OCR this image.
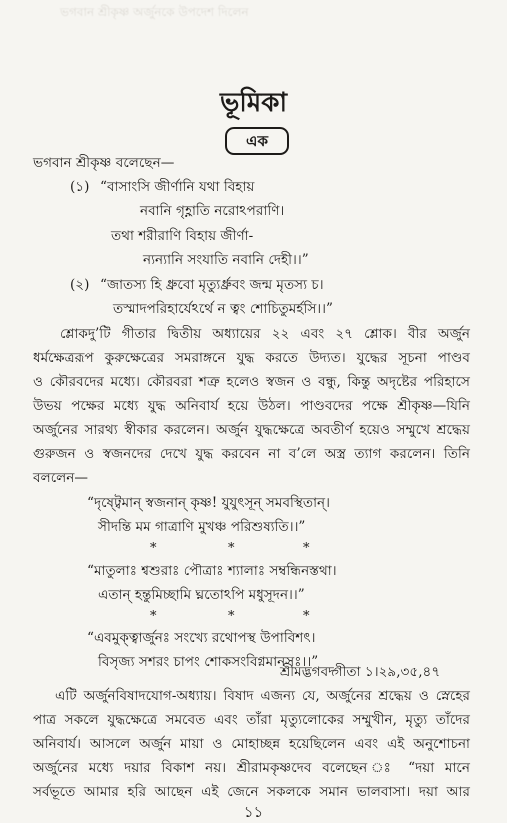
ভগবান শ্রীকৃষ্ণ অর্জুনকে উপদেশ দিলেন
ভূমিকা
এক
ভগবান শ্রীকৃষ্ণ বলেছেন—
(১) “বাসাংসি জীর্ণানি যথা বিহায়
নবানি গৃহ্ণাতি নরোঽপরাণি।
তথা শরীরাণি বিহায় জীর্ণা-
ন্যন্যানি সংযাতি নবানি দেহী।।”
(২) “জাতস্য হি ধ্রুবো মৃত্যুর্ধ্রুবং জন্ম মৃতস্য চ।
তস্মাদপরিহার্যেঽর্থে ন ত্বং শোচিতুমর্হসি।।”
শ্লোকদু’টি গীতার দ্বিতীয় অধ্যায়ের ২২ এবং ২৭ শ্লোক। বীর অর্জুন
ধর্মক্ষেত্ররূপ কুরুক্ষেত্রের সমরাঙ্গনে যুদ্ধ করতে উদ্যত। যুদ্ধের সূচনা পাণ্ডব
ও কৌরবদের মধ্যে। কৌরবরা শত্রু হলেও স্বজন ও বন্ধু, কিন্তু অদৃষ্টের পরিহাসে
উভয় পক্ষের মধ্যে যুদ্ধ অনিবার্য হয়ে উঠল। পাণ্ডবদের পক্ষে শ্রীকৃষ্ণ—যিনি
অর্জুনের সারথ্য স্বীকার করলেন। অর্জুন যুদ্ধক্ষেত্রে অবতীর্ণ হয়েও সম্মুখে শ্রদ্ধেয়
গুরুজন ও স্বজনদের দেখে যুদ্ধ করবেন না ব’লে অস্ত্র ত্যাগ করলেন। তিনি
বললেন—
“দৃষ্ট্বেমান্ স্বজনান্ কৃষ্ণ! যুযুৎসূন্ সমবস্থিতান্।
সীদন্তি মম গাত্রাণি মুখঞ্চ পরিশুষ্যতি।।”
*	*	*
“মাতুলাঃ শ্বশুরাঃ পৌত্রাঃ শ্যালাঃ সম্বন্ধিনস্তথা।
এতান্ হন্তুমিচ্ছামি ঘ্নতোঽপি মধুসূদন।।”
*	*	*
“এবমুক্ত্বার্জুনঃ সংখ্যে রথোপস্থ উপাবিশৎ।
বিসৃজ্য সশরং চাপং শোকসংবিগ্নমানসঃ।।”
শ্রীমদ্ভগবদ্গীতা ১।২৯,৩৫,৪৭
১১
এটি অর্জুনবিষাদযোগ-অধ্যায়। বিষাদ এজন্য যে, অর্জুনের শ্রদ্ধেয় ও স্নেহের
পাত্র সকলে যুদ্ধক্ষেত্রে সমবেত এবং তাঁরা মৃত্যুলোকের সম্মুখীন, মৃত্যু তাঁদের
অনিবার্য। আসলে অর্জুন মায়া ও মোহাচ্ছন্ন হয়েছিলেন এবং এই অনুশোচনা
অর্জুনের মধ্যে দয়ার বিকাশ নয়। শ্রীরামকৃষ্ণদেব বলেছেন ঃ “দয়া মানে
সর্বভূতে আমার হরি আছেন এই জেনে সকলকে সমান ভালবাসা। দয়া আর
